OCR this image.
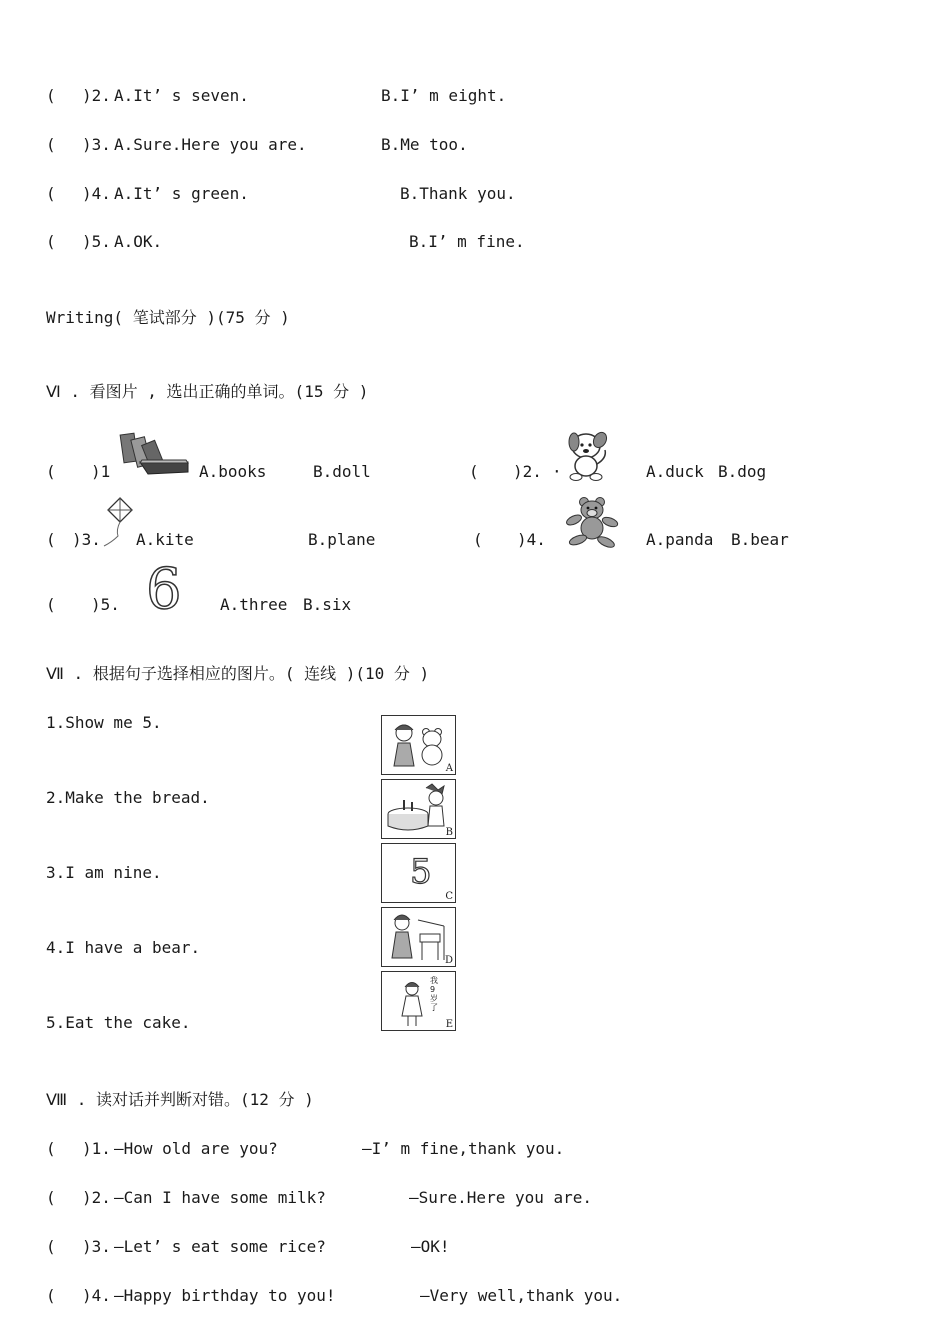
( )2. A.It’ s seven.	B.I’ m eight.
( )3. A.Sure.Here you are.	B.Me too.
( )4. A.It’ s green.	B.Thank you.
( )5. A.OK.	B.I’ m fine.
Writing( 笔试部分 )(75 分 )
Ⅵ . 看图片 , 选出正确的单词。(15 分 )
( )1	A.books	B.doll	( )2. ·	A.duck B.dog
( )3. A.kite	B.plane	( )4.	A.panda B.bear
( )5. 6 A.three B.six
Ⅶ . 根据句子选择相应的图片。( 连线 )(10 分 )
1.Show me 5.
2.Make the bread.
3.I am nine.
4.I have a bear.
5.Eat the cake.
A
B
5
C
D
我9岁了
E
Ⅷ . 读对话并判断对错。(12 分 )
( )1. —How old are you?	—I’ m fine,thank you.
( )2. —Can I have some milk?	—Sure.Here you are.
( )3. —Let’ s eat some rice?	—OK!
( )4. —Happy birthday to you!	—Very well,thank you.
